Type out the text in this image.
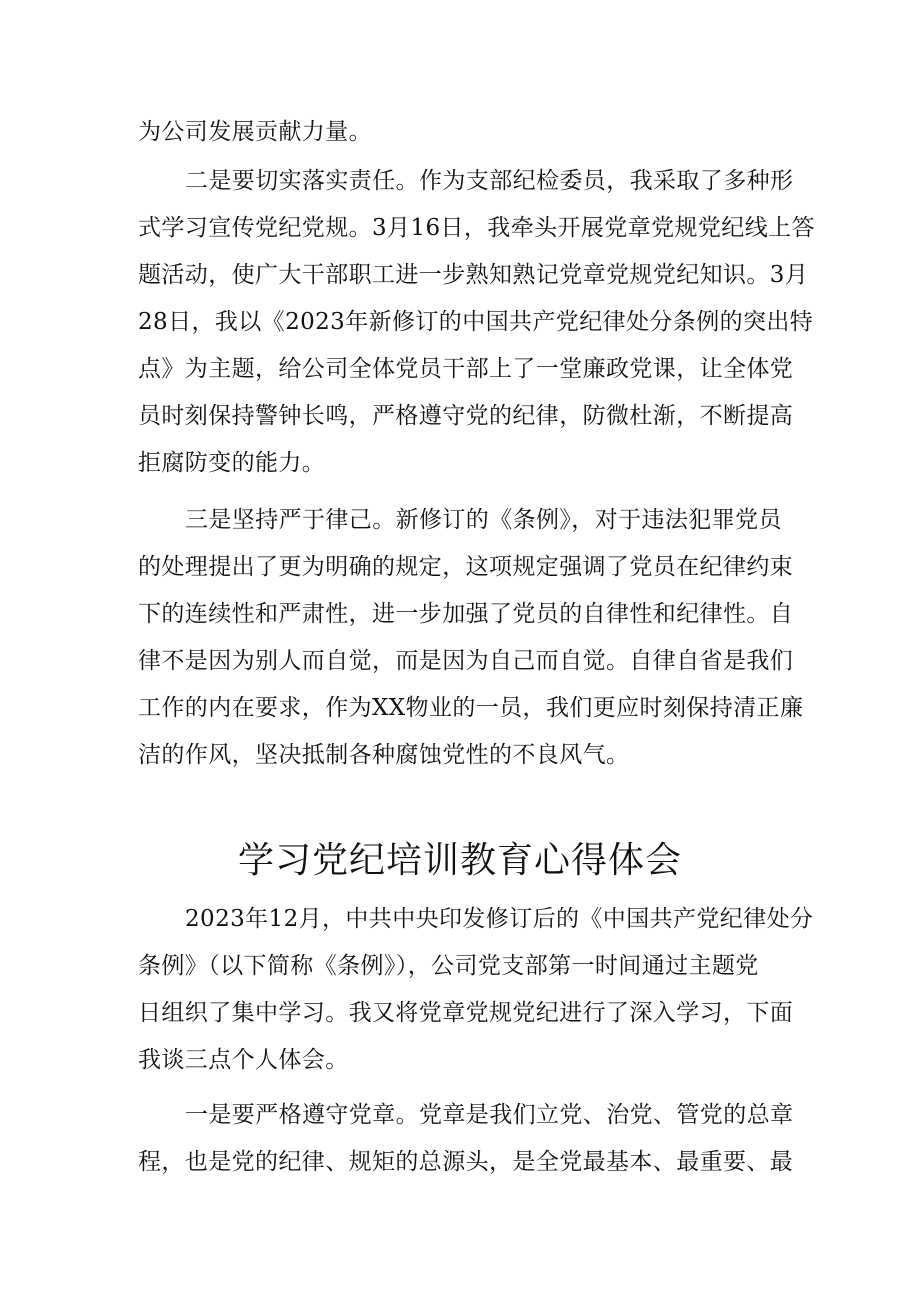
为公司发展贡献力量。
二是要切实落实责任。作为支部纪检委员，我采取了多种形
式学习宣传党纪党规。3月16日，我牵头开展党章党规党纪线上答
题活动，使广大干部职工进一步熟知熟记党章党规党纪知识。3月
28日，我以《2023年新修订的中国共产党纪律处分条例的突出特
点》为主题，给公司全体党员干部上了一堂廉政党课，让全体党
员时刻保持警钟长鸣，严格遵守党的纪律，防微杜渐，不断提高
拒腐防变的能力。
三是坚持严于律己。新修订的《条例》，对于违法犯罪党员
的处理提出了更为明确的规定，这项规定强调了党员在纪律约束
下的连续性和严肃性，进一步加强了党员的自律性和纪律性。自
律不是因为别人而自觉，而是因为自己而自觉。自律自省是我们
工作的内在要求，作为XX物业的一员，我们更应时刻保持清正廉
洁的作风，坚决抵制各种腐蚀党性的不良风气。
学习党纪培训教育心得体会
2023年12月，中共中央印发修订后的《中国共产党纪律处分
条例》（以下简称《条例》），公司党支部第一时间通过主题党
日组织了集中学习。我又将党章党规党纪进行了深入学习，下面
我谈三点个人体会。
一是要严格遵守党章。党章是我们立党、治党、管党的总章
程，也是党的纪律、规矩的总源头，是全党最基本、最重要、最
